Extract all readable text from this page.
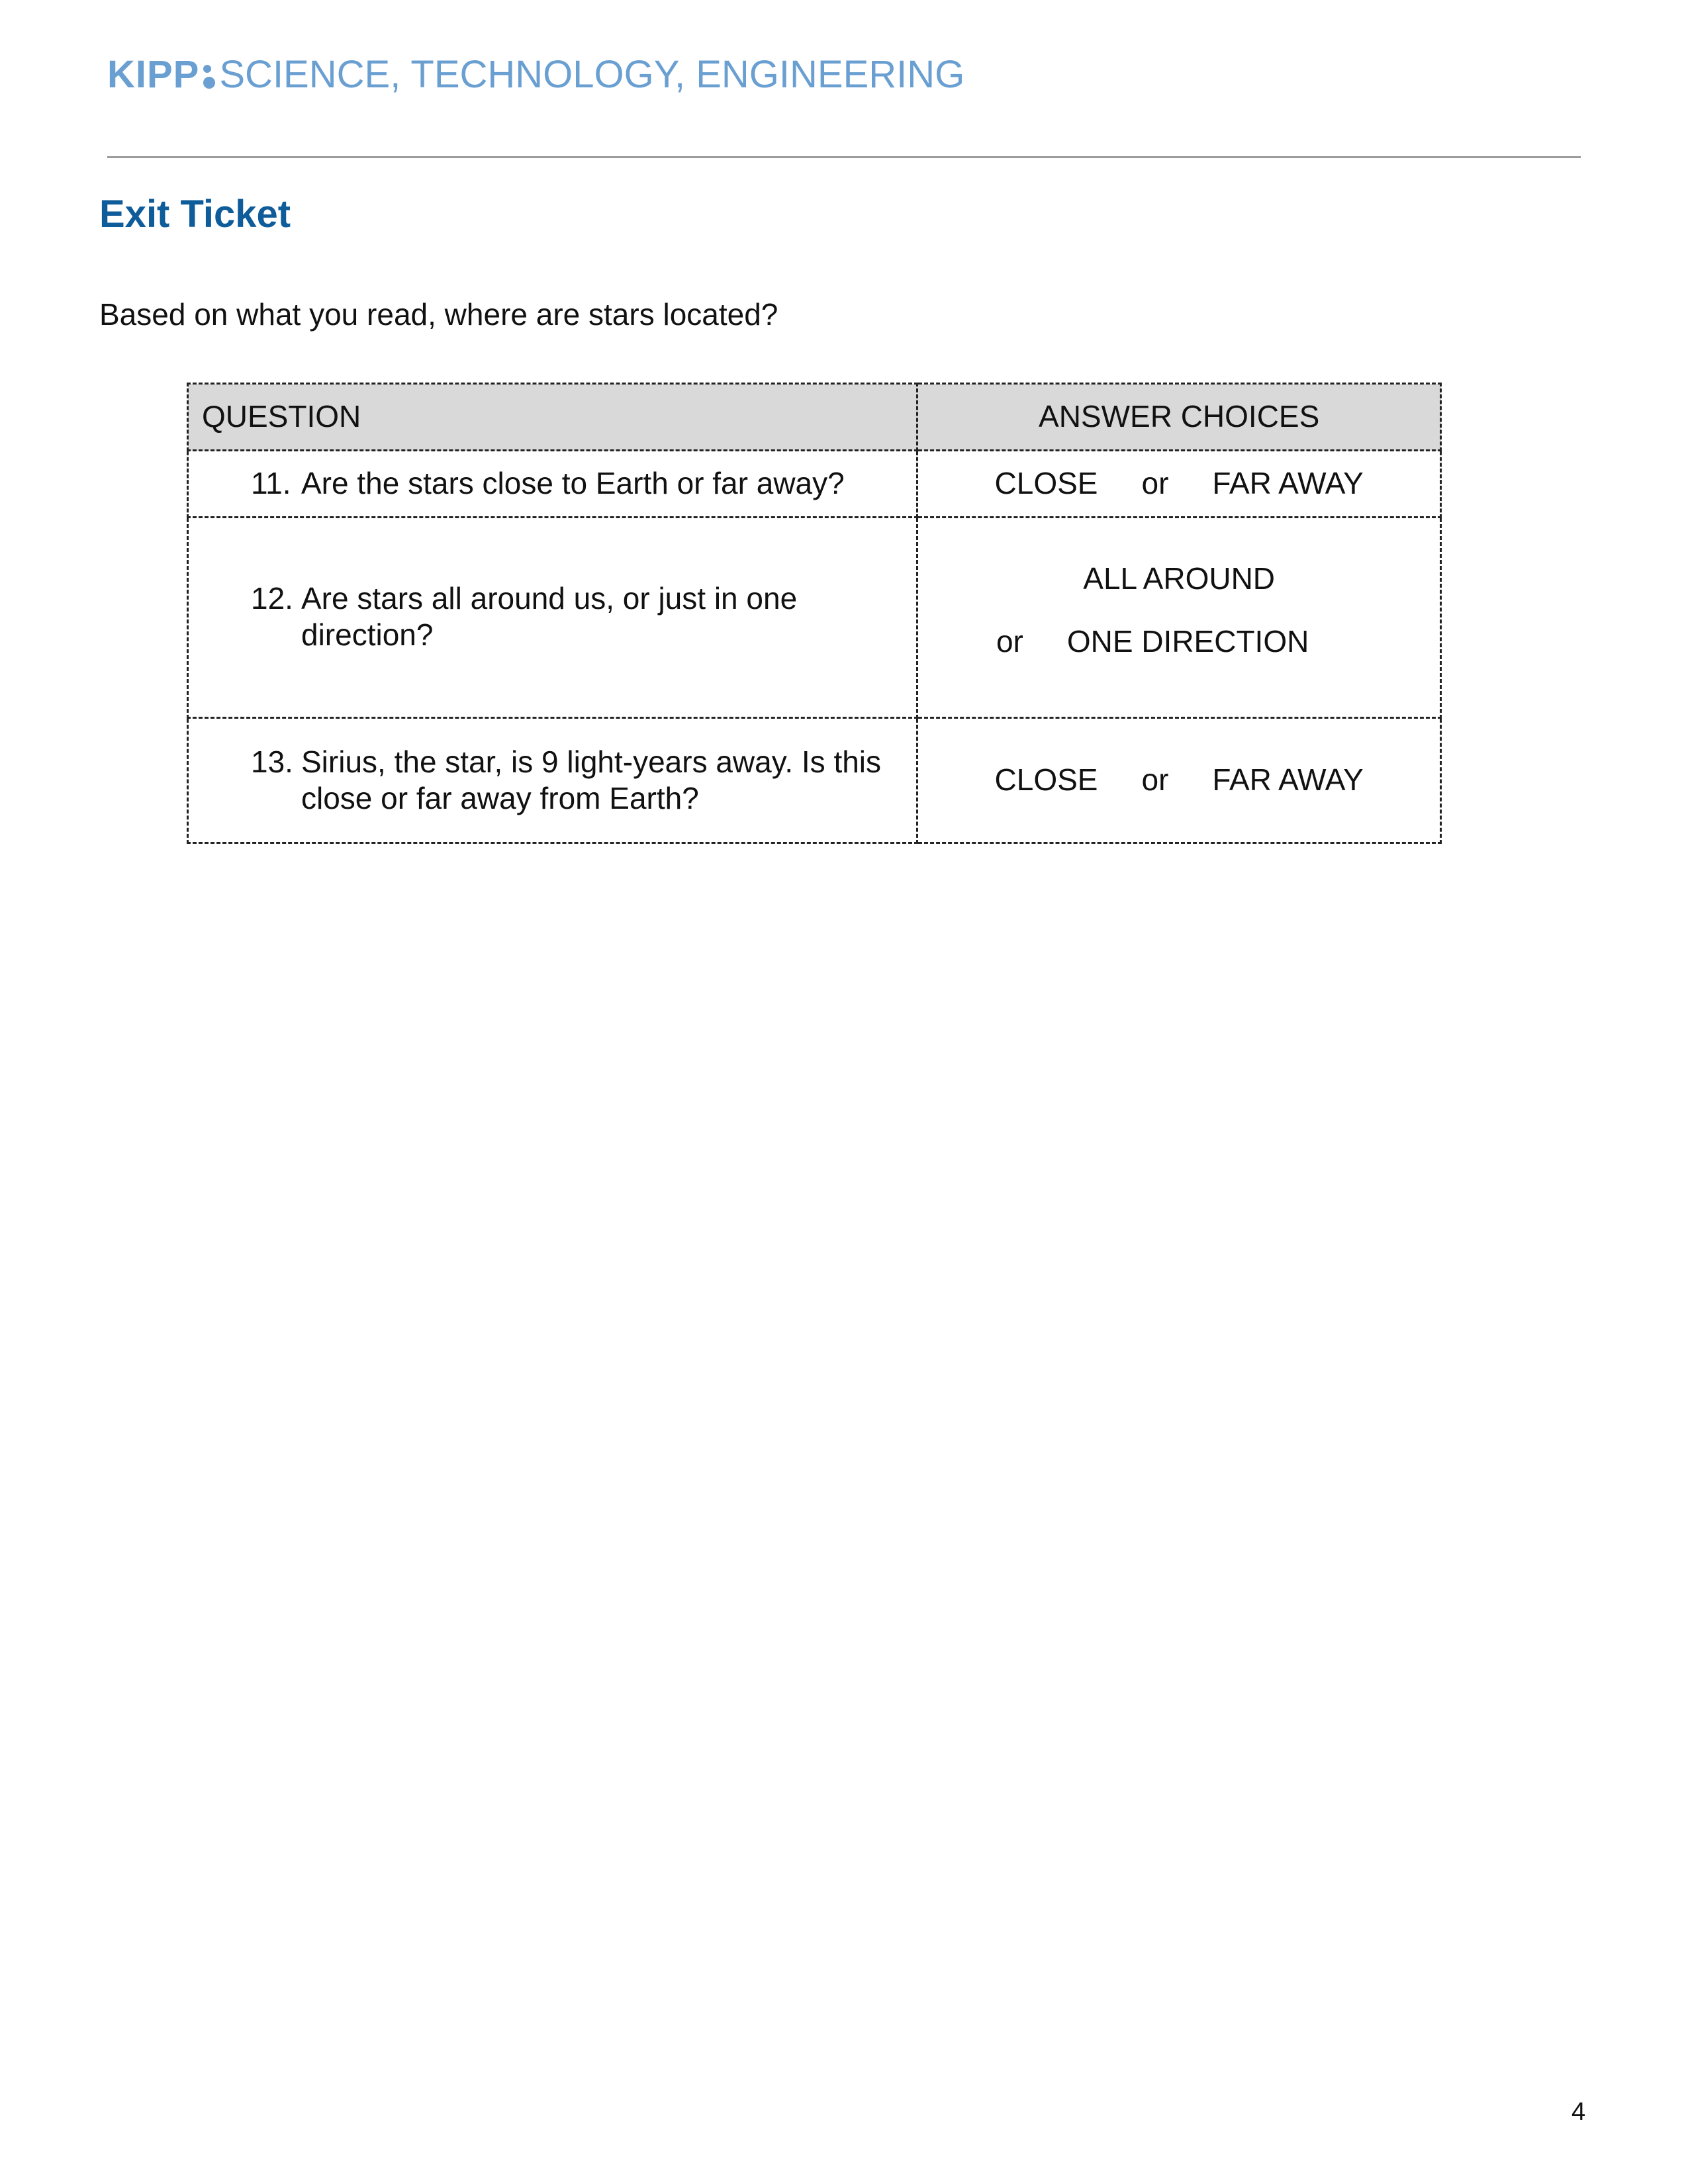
KIPP SCIENCE, TECHNOLOGY, ENGINEERING
Exit Ticket

Based on what you read, where are stars located?

QUESTION	ANSWER CHOICES

11. Are the stars close to Earth or far away?	CLOSE or FAR AWAY

12. Are stars all around us, or just in one direction?	ALL AROUND
or ONE DIRECTION

13. Sirius, the star, is 9 light-years away. Is this close or far away from Earth?	CLOSE or FAR AWAY
4
